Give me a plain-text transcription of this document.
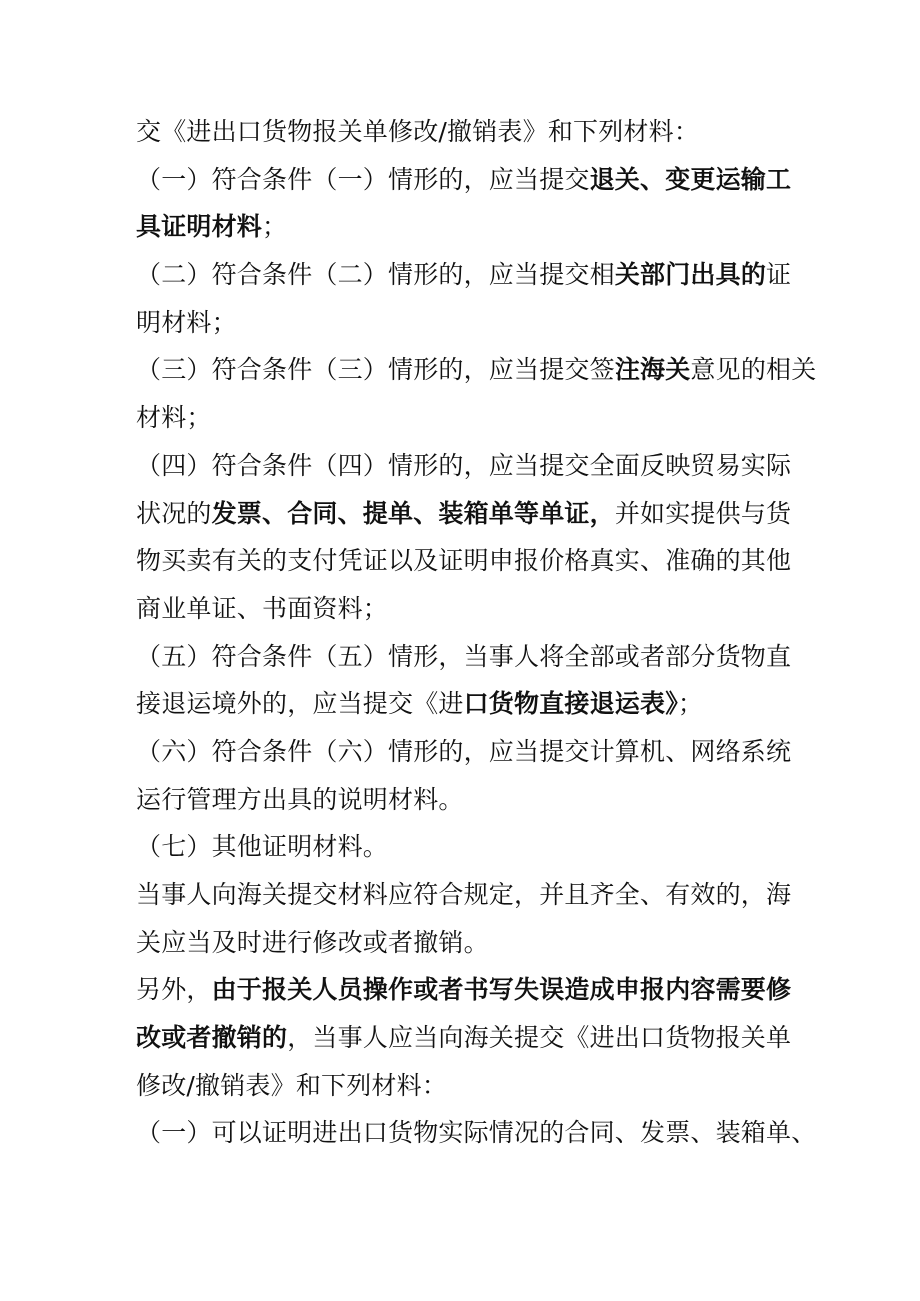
交《进出口货物报关单修改/撤销表》和下列材料：
（一）符合条件（一）情形的，应当提交退关、变更运输工
具证明材料；
（二）符合条件（二）情形的，应当提交相关部门出具的证
明材料；
（三）符合条件（三）情形的，应当提交签注海关意见的相关
材料；
（四）符合条件（四）情形的，应当提交全面反映贸易实际
状况的发票、合同、提单、装箱单等单证，并如实提供与货
物买卖有关的支付凭证以及证明申报价格真实、准确的其他
商业单证、书面资料；
（五）符合条件（五）情形，当事人将全部或者部分货物直
接退运境外的，应当提交《进口货物直接退运表》；
（六）符合条件（六）情形的，应当提交计算机、网络系统
运行管理方出具的说明材料。
（七）其他证明材料。
当事人向海关提交材料应符合规定，并且齐全、有效的，海
关应当及时进行修改或者撤销。
另外，由于报关人员操作或者书写失误造成申报内容需要修
改或者撤销的，当事人应当向海关提交《进出口货物报关单
修改/撤销表》和下列材料：
（一）可以证明进出口货物实际情况的合同、发票、装箱单、
